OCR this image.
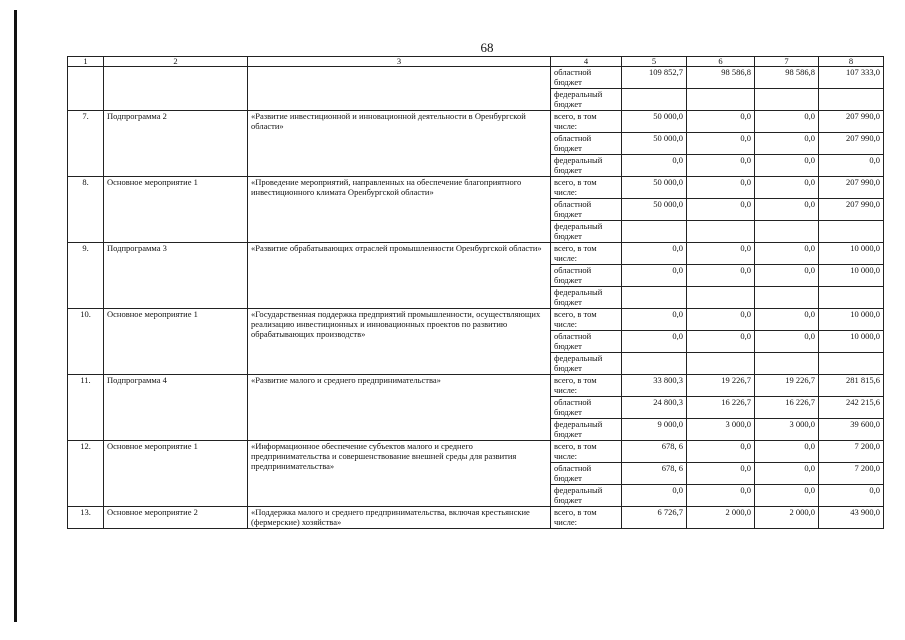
68
1	2	3	4	5	6	7	8
			областной бюджет	109 852,7	98 586,8	98 586,8	107 333,0
			федеральный бюджет				
7.	Подпрограмма 2	«Развитие инвестиционной и инновационной деятельности в Оренбургской области»	всего, в том числе:	50 000,0	0,0	0,0	207 990,0
			областной бюджет	50 000,0	0,0	0,0	207 990,0
			федеральный бюджет	0,0	0,0	0,0	0,0
8.	Основное мероприятие 1	«Проведение мероприятий, направленных на обеспечение благоприятного инвестиционного климата Оренбургской области»	всего, в том числе:	50 000,0	0,0	0,0	207 990,0
			областной бюджет	50 000,0	0,0	0,0	207 990,0
			федеральный бюджет				
9.	Подпрограмма 3	«Развитие обрабатывающих отраслей промышленности Оренбургской области»	всего, в том числе:	0,0	0,0	0,0	10 000,0
			областной бюджет	0,0	0,0	0,0	10 000,0
			федеральный бюджет				
10.	Основное мероприятие 1	«Государственная поддержка предприятий промышленности, осуществляющих реализацию инвестиционных и инновационных проектов по развитию обрабатывающих производств»	всего, в том числе:	0,0	0,0	0,0	10 000,0
			областной бюджет	0,0	0,0	0,0	10 000,0
			федеральный бюджет				
11.	Подпрограмма 4	«Развитие малого и среднего предпринимательства»	всего, в том числе:	33 800,3	19 226,7	19 226,7	281 815,6
			областной бюджет	24 800,3	16 226,7	16 226,7	242 215,6
			федеральный бюджет	9 000,0	3 000,0	3 000,0	39 600,0
12.	Основное мероприятие 1	«Информационное обеспечение субъектов малого и среднего предпринимательства и совершенствование внешней среды для развития предпринимательства»	всего, в том числе:	678, 6	0,0	0,0	7 200,0
			областной бюджет	678, 6	0,0	0,0	7 200,0
			федеральный бюджет	0,0	0,0	0,0	0,0
13.	Основное мероприятие 2	«Поддержка малого и среднего предпринимательства, включая крестьянские (фермерские) хозяйства»	всего, в том числе:	6 726,7	2 000,0	2 000,0	43 900,0
